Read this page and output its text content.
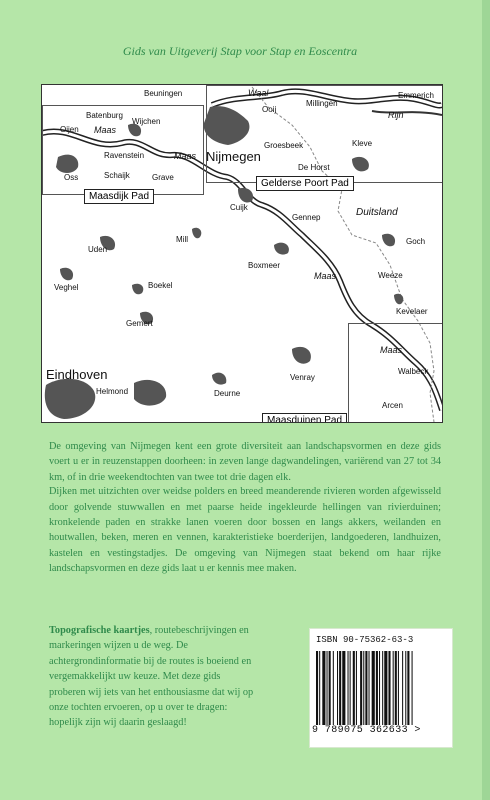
Gids van Uitgeverij Stap voor Stap en Eoscentra
Maasdijk Pad
Gelderse Poort Pad
Maasduinen Pad
Maas
Waal
Rijn
Maas
Maas
Maas
Duitsland
Nijmegen
Eindhoven
Beuningen
Batenburg
Oijen
Wijchen
Ravenstein
Oss	Schaijk	Grave
Ooij
Millingen
Emmerich
Groesbeek	Kleve
De Horst
Cuijk
Gennep
Mill
Uden
Goch
Veghel
Boxmeer
Boekel
Weeze
Kevelaer
Gemert
Walbeck
Venray
Helmond	Deurne
Arcen

De omgeving van Nijmegen kent een grote diversiteit aan landschapsvormen en deze gids voert u er in reuzenstappen doorheen: in zeven lange dagwandelingen, variërend van 27 tot 34 km, of in drie weekendtochten van twee tot drie dagen elk.

Dijken met uitzichten over weidse polders en breed meanderende rivieren worden afgewisseld door golvende stuwwallen en met paarse heide ingekleurde hellingen van rivierduinen; kronkelende paden en strakke lanen voeren door bossen en langs akkers, weilanden en houtwallen, beken, meren en vennen, karakteristieke boerderijen, landgoederen, landhuizen, kastelen en vestingstadjes. De omgeving van Nijmegen staat bekend om haar rijke landschapsvormen en deze gids laat u er kennis mee maken.

Topografische kaartjes, routebeschrijvingen en markeringen wijzen u de weg. De achtergrondinformatie bij de routes is boeiend en vergemakkelijkt uw keuze. Met deze gids proberen wij iets van het enthousiasme dat wij op onze tochten ervoeren, op u over te dragen: hopelijk zijn wij daarin geslaagd!
ISBN 90-75362-63-3
9 789075 362633 >
